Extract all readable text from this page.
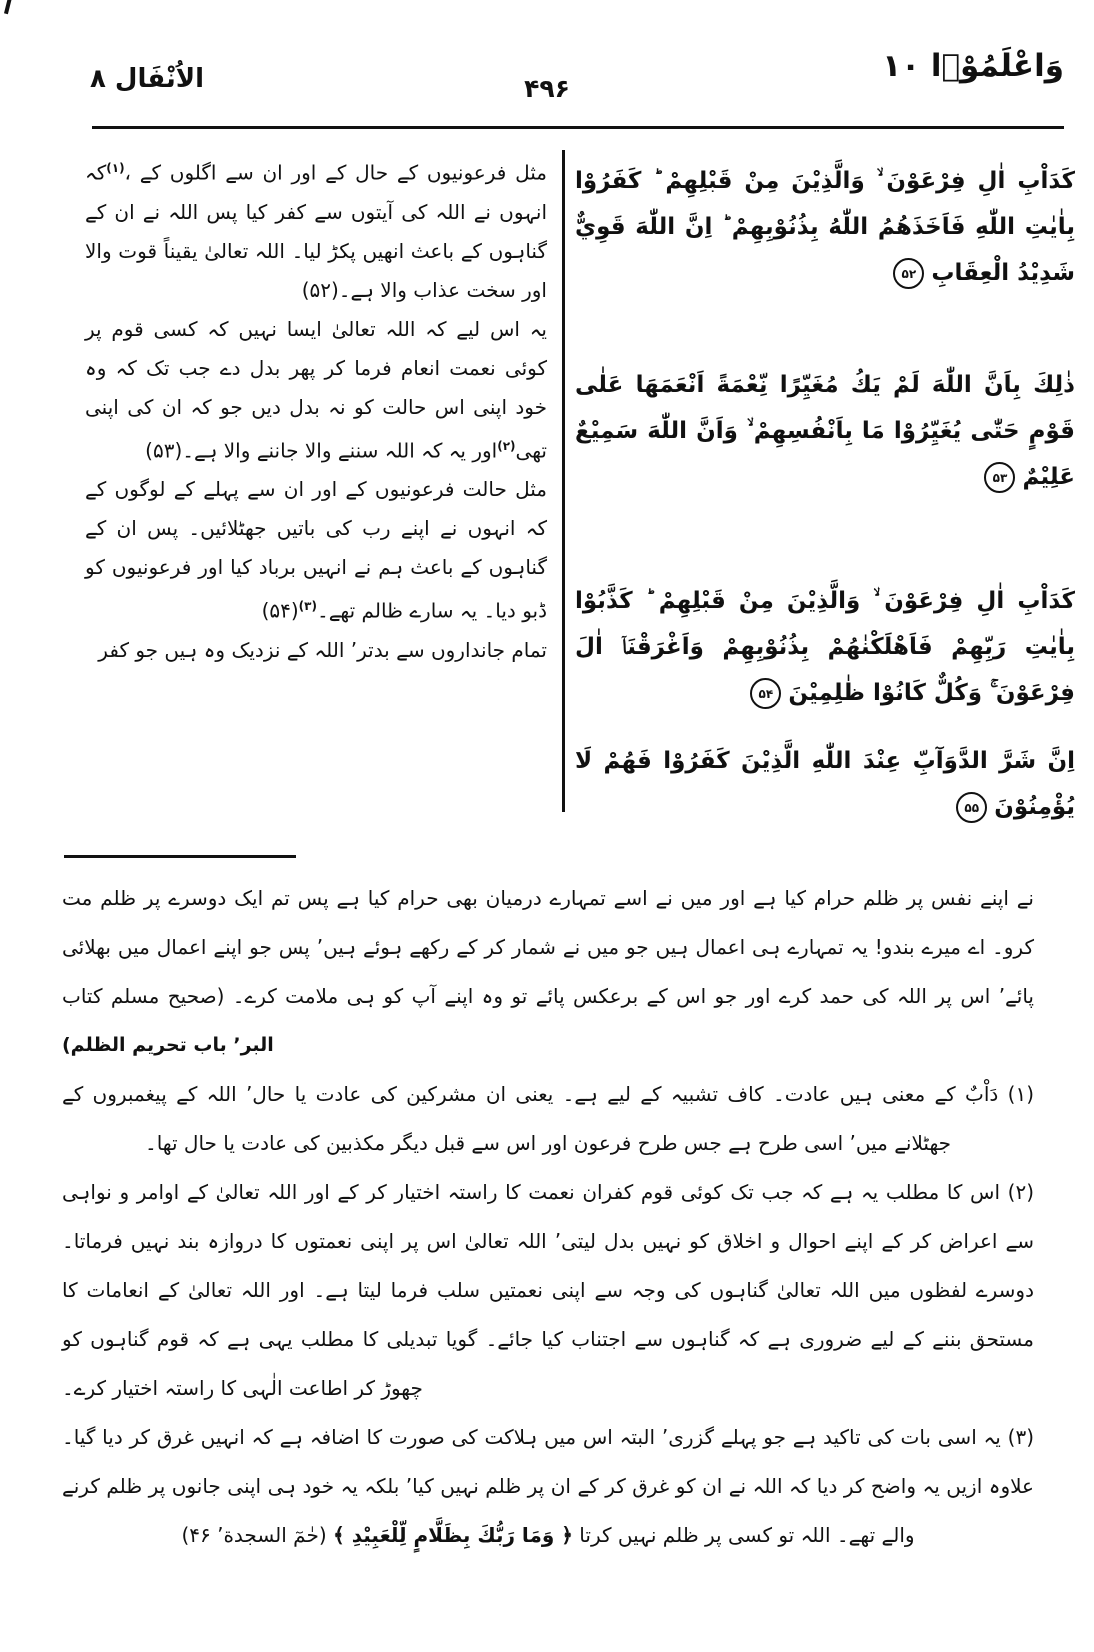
الاُنْفَال ۸	۴۹۶
وَاعْلَمُوْۤا ۱۰
كَدَاْبِ اٰلِ فِرْعَوْنَ ۙ وَالَّذِيْنَ مِنْ قَبْلِهِمْ ؕ كَفَرُوْا بِاٰيٰتِ اللّٰهِ فَاَخَذَهُمُ اللّٰهُ بِذُنُوْبِهِمْ ؕ اِنَّ اللّٰهَ قَوِيٌّ شَدِيْدُ الْعِقَابِ۵۲
ذٰلِكَ بِاَنَّ اللّٰهَ لَمْ يَكُ مُغَيِّرًا نِّعْمَةً اَنْعَمَهَا عَلٰى قَوْمٍ حَتّٰى يُغَيِّرُوْا مَا بِاَنْفُسِهِمْ ۙ وَاَنَّ اللّٰهَ سَمِيْعٌ عَلِيْمٌ۵۳
كَدَاْبِ اٰلِ فِرْعَوْنَ ۙ وَالَّذِيْنَ مِنْ قَبْلِهِمْ ؕ كَذَّبُوْا بِاٰيٰتِ رَبِّهِمْ فَاَهْلَكْنٰهُمْ بِذُنُوْبِهِمْ وَاَغْرَقْنَاۤ اٰلَ فِرْعَوْنَ ۚ وَكُلٌّ كَانُوْا ظٰلِمِيْنَ۵۴
اِنَّ شَرَّ الدَّوَآبِّ عِنْدَ اللّٰهِ الَّذِيْنَ كَفَرُوْا فَهُمْ لَا يُؤْمِنُوْنَ۵۵

مثل فرعونیوں کے حال کے اور ان سے اگلوں کے ،$^{(۱)}$کہ انہوں نے اللہ کی آیتوں سے کفر کیا پس اللہ نے ان کے گناہوں کے باعث انھیں پکڑ لیا۔ اللہ تعالیٰ یقیناً قوت والا اور سخت عذاب والا ہے۔(۵۲)

یہ اس لیے کہ اللہ تعالیٰ ایسا نہیں کہ کسی قوم پر کوئی نعمت انعام فرما کر پھر بدل دے جب تک کہ وہ خود اپنی اس حالت کو نہ بدل دیں جو کہ ان کی اپنی تھی$^{(۲)}$اور یہ کہ اللہ سننے والا جاننے والا ہے۔(۵۳)

مثل حالت فرعونیوں کے اور ان سے پہلے کے لوگوں کے کہ انہوں نے اپنے رب کی باتیں جھٹلائیں۔ پس ان کے گناہوں کے باعث ہم نے انہیں برباد کیا اور فرعونیوں کو ڈبو دیا۔ یہ سارے ظالم تھے۔$^{(۳)}$(۵۴)

تمام جانداروں سے بدتر’ اللہ کے نزدیک وہ ہیں جو کفر

نے اپنے نفس پر ظلم حرام کیا ہے اور میں نے اسے تمہارے درمیان بھی حرام کیا ہے پس تم ایک دوسرے پر ظلم مت کرو۔ اے میرے بندو! یہ تمہارے ہی اعمال ہیں جو میں نے شمار کر کے رکھے ہوئے ہیں’ پس جو اپنے اعمال میں بھلائی پائے’ اس پر اللہ کی حمد کرے اور جو اس کے برعکس پائے تو وہ اپنے آپ کو ہی ملامت کرے۔ (صحیح مسلم کتاب

البر’ باب تحریم الظلم)

(۱) دَاْبٌ کے معنی ہیں عادت۔ کاف تشبیہ کے لیے ہے۔ یعنی ان مشرکین کی عادت یا حال’ اللہ کے پیغمبروں کے جھٹلانے میں’ اسی طرح ہے جس طرح فرعون اور اس سے قبل دیگر مکذبین کی عادت یا حال تھا۔

(۲) اس کا مطلب یہ ہے کہ جب تک کوئی قوم کفران نعمت کا راستہ اختیار کر کے اور اللہ تعالیٰ کے اوامر و نواہی سے اعراض کر کے اپنے احوال و اخلاق کو نہیں بدل لیتی’ اللہ تعالیٰ اس پر اپنی نعمتوں کا دروازہ بند نہیں فرماتا۔ دوسرے لفظوں میں اللہ تعالیٰ گناہوں کی وجہ سے اپنی نعمتیں سلب فرما لیتا ہے۔ اور اللہ تعالیٰ کے انعامات کا مستحق بننے کے لیے ضروری ہے کہ گناہوں سے اجتناب کیا جائے۔ گویا تبدیلی کا مطلب یہی ہے کہ قوم گناہوں کو چھوڑ کر اطاعت الٰہی کا راستہ اختیار کرے۔

(۳) یہ اسی بات کی تاکید ہے جو پہلے گزری’ البتہ اس میں ہلاکت کی صورت کا اضافہ ہے کہ انہیں غرق کر دیا گیا۔ علاوہ ازیں یہ واضح کر دیا کہ اللہ نے ان کو غرق کر کے ان پر ظلم نہیں کیا’ بلکہ یہ خود ہی اپنی جانوں پر ظلم کرنے والے تھے۔ اللہ تو کسی پر ظلم نہیں کرتا ﴿ وَمَا رَبُّكَ بِظَلَّامٍ لِّلْعَبِيْدِ ﴾ (حٰمٓ السجدة’ ۴۶)
